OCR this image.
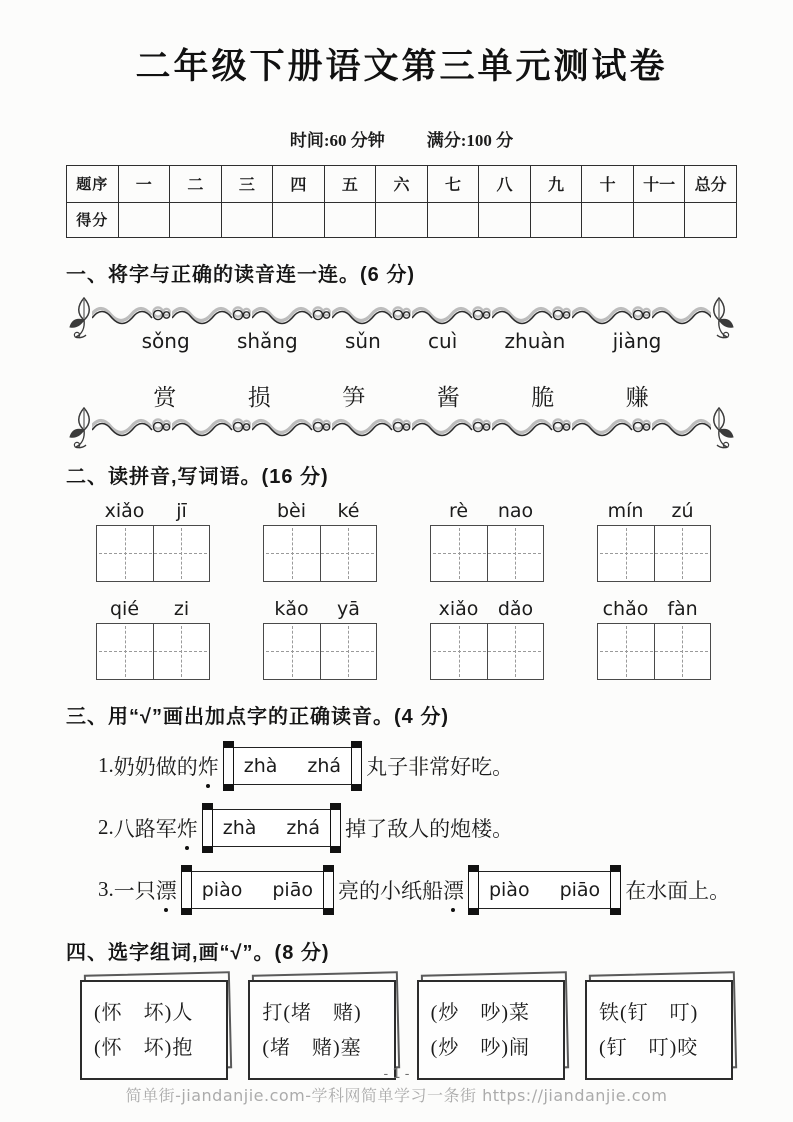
二年级下册语文第三单元测试卷
时间:60 分钟 满分:100 分
题序	一	二	三	四	五	六	七	八	九	十	十一	总分
得分												
一、将字与正确的读音连一连。(6 分)
sǒng shǎng sǔn cuì zhuàn jiàng
赏	损	笋	酱	脆	赚
二、读拼音,写词语。(16 分)
xiǎo	jī	bèi	ké	rè	nao	mín	zú
qié	zi	kǎo	yā	xiǎo	dǎo	chǎo fàn
三、用“√”画出加点字的正确读音。(4 分)
1. 奶奶做的 炸 zhà zhá 丸子非常好吃。
2. 八路军 炸 zhà zhá 掉了敌人的炮楼。
3. 一只 漂 piào piāo 亮的小纸船 漂 piào piāo 在水面上。
四、选字组词,画“√”。(8 分)
(怀　坏)人
(怀　坏)抱
打(堵　赌)
(堵　赌)塞
(炒　吵)菜
(炒　吵)闹
铁(钉　叮)
(钉　叮)咬
- 1 -
简单街-jiandanjie.com-学科网简单学习一条街 https://jiandanjie.com
